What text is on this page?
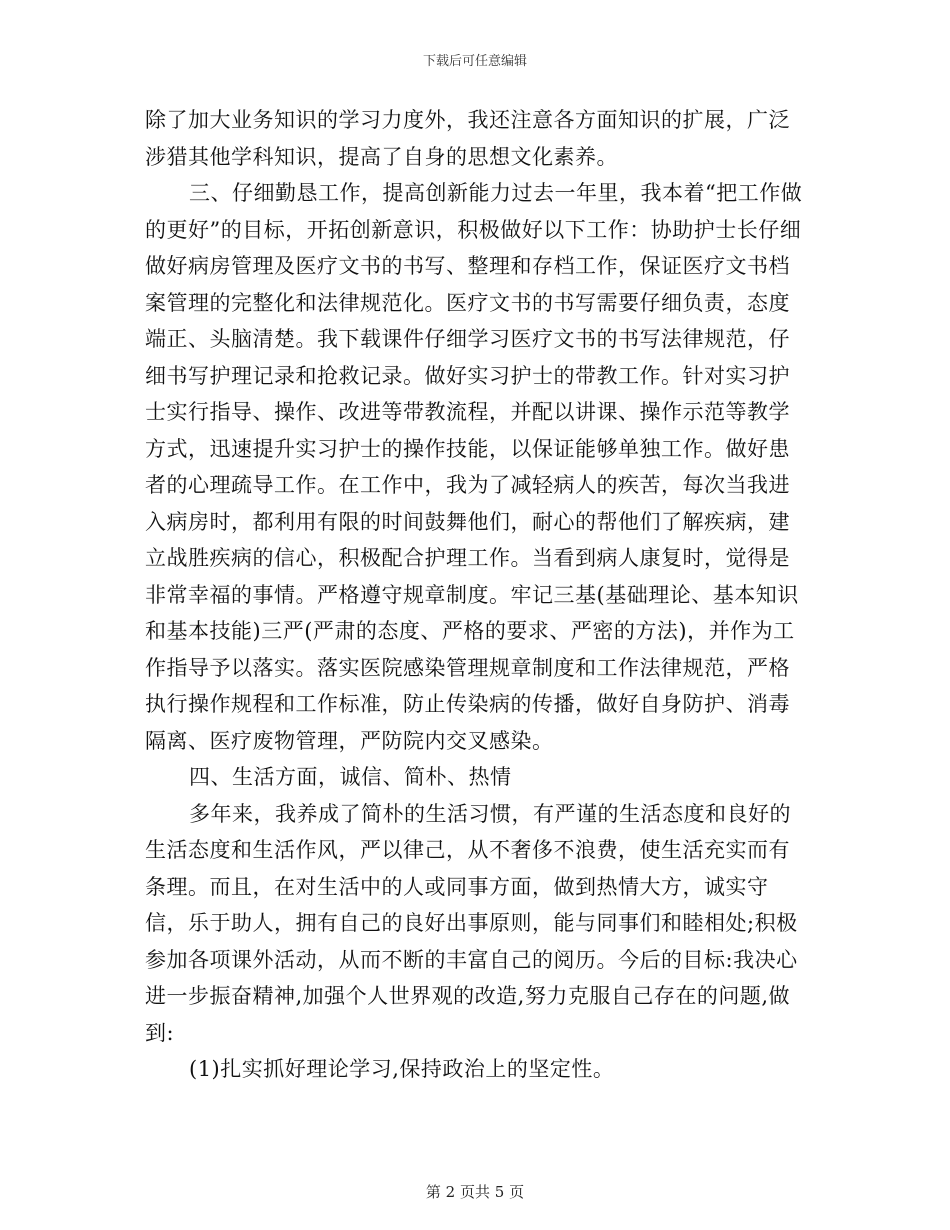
下载后可任意编辑

除了加大业务知识的学习力度外，我还注意各方面知识的扩展，广泛涉猎其他学科知识，提高了自身的思想文化素养。

三、仔细勤恳工作，提高创新能力过去一年里，我本着“把工作做的更好”的目标，开拓创新意识，积极做好以下工作：协助护士长仔细做好病房管理及医疗文书的书写、整理和存档工作，保证医疗文书档案管理的完整化和法律规范化。医疗文书的书写需要仔细负责，态度端正、头脑清楚。我下载课件仔细学习医疗文书的书写法律规范，仔细书写护理记录和抢救记录。做好实习护士的带教工作。针对实习护士实行指导、操作、改进等带教流程，并配以讲课、操作示范等教学方式，迅速提升实习护士的操作技能，以保证能够单独工作。做好患者的心理疏导工作。在工作中，我为了减轻病人的疾苦，每次当我进入病房时，都利用有限的时间鼓舞他们，耐心的帮他们了解疾病，建立战胜疾病的信心，积极配合护理工作。当看到病人康复时，觉得是非常幸福的事情。严格遵守规章制度。牢记三基(基础理论、基本知识和基本技能)三严(严肃的态度、严格的要求、严密的方法)，并作为工作指导予以落实。落实医院感染管理规章制度和工作法律规范，严格执行操作规程和工作标准，防止传染病的传播，做好自身防护、消毒隔离、医疗废物管理，严防院内交叉感染。

四、生活方面，诚信、简朴、热情

多年来，我养成了简朴的生活习惯，有严谨的生活态度和良好的生活态度和生活作风，严以律己，从不奢侈不浪费，使生活充实而有条理。而且，在对生活中的人或同事方面，做到热情大方，诚实守信，乐于助人，拥有自己的良好出事原则，能与同事们和睦相处;积极参加各项课外活动，从而不断的丰富自己的阅历。今后的目标:我决心进一步振奋精神,加强个人世界观的改造,努力克服自己存在的问题,做到:

(1)扎实抓好理论学习,保持政治上的坚定性。

第 2 页共 5 页
